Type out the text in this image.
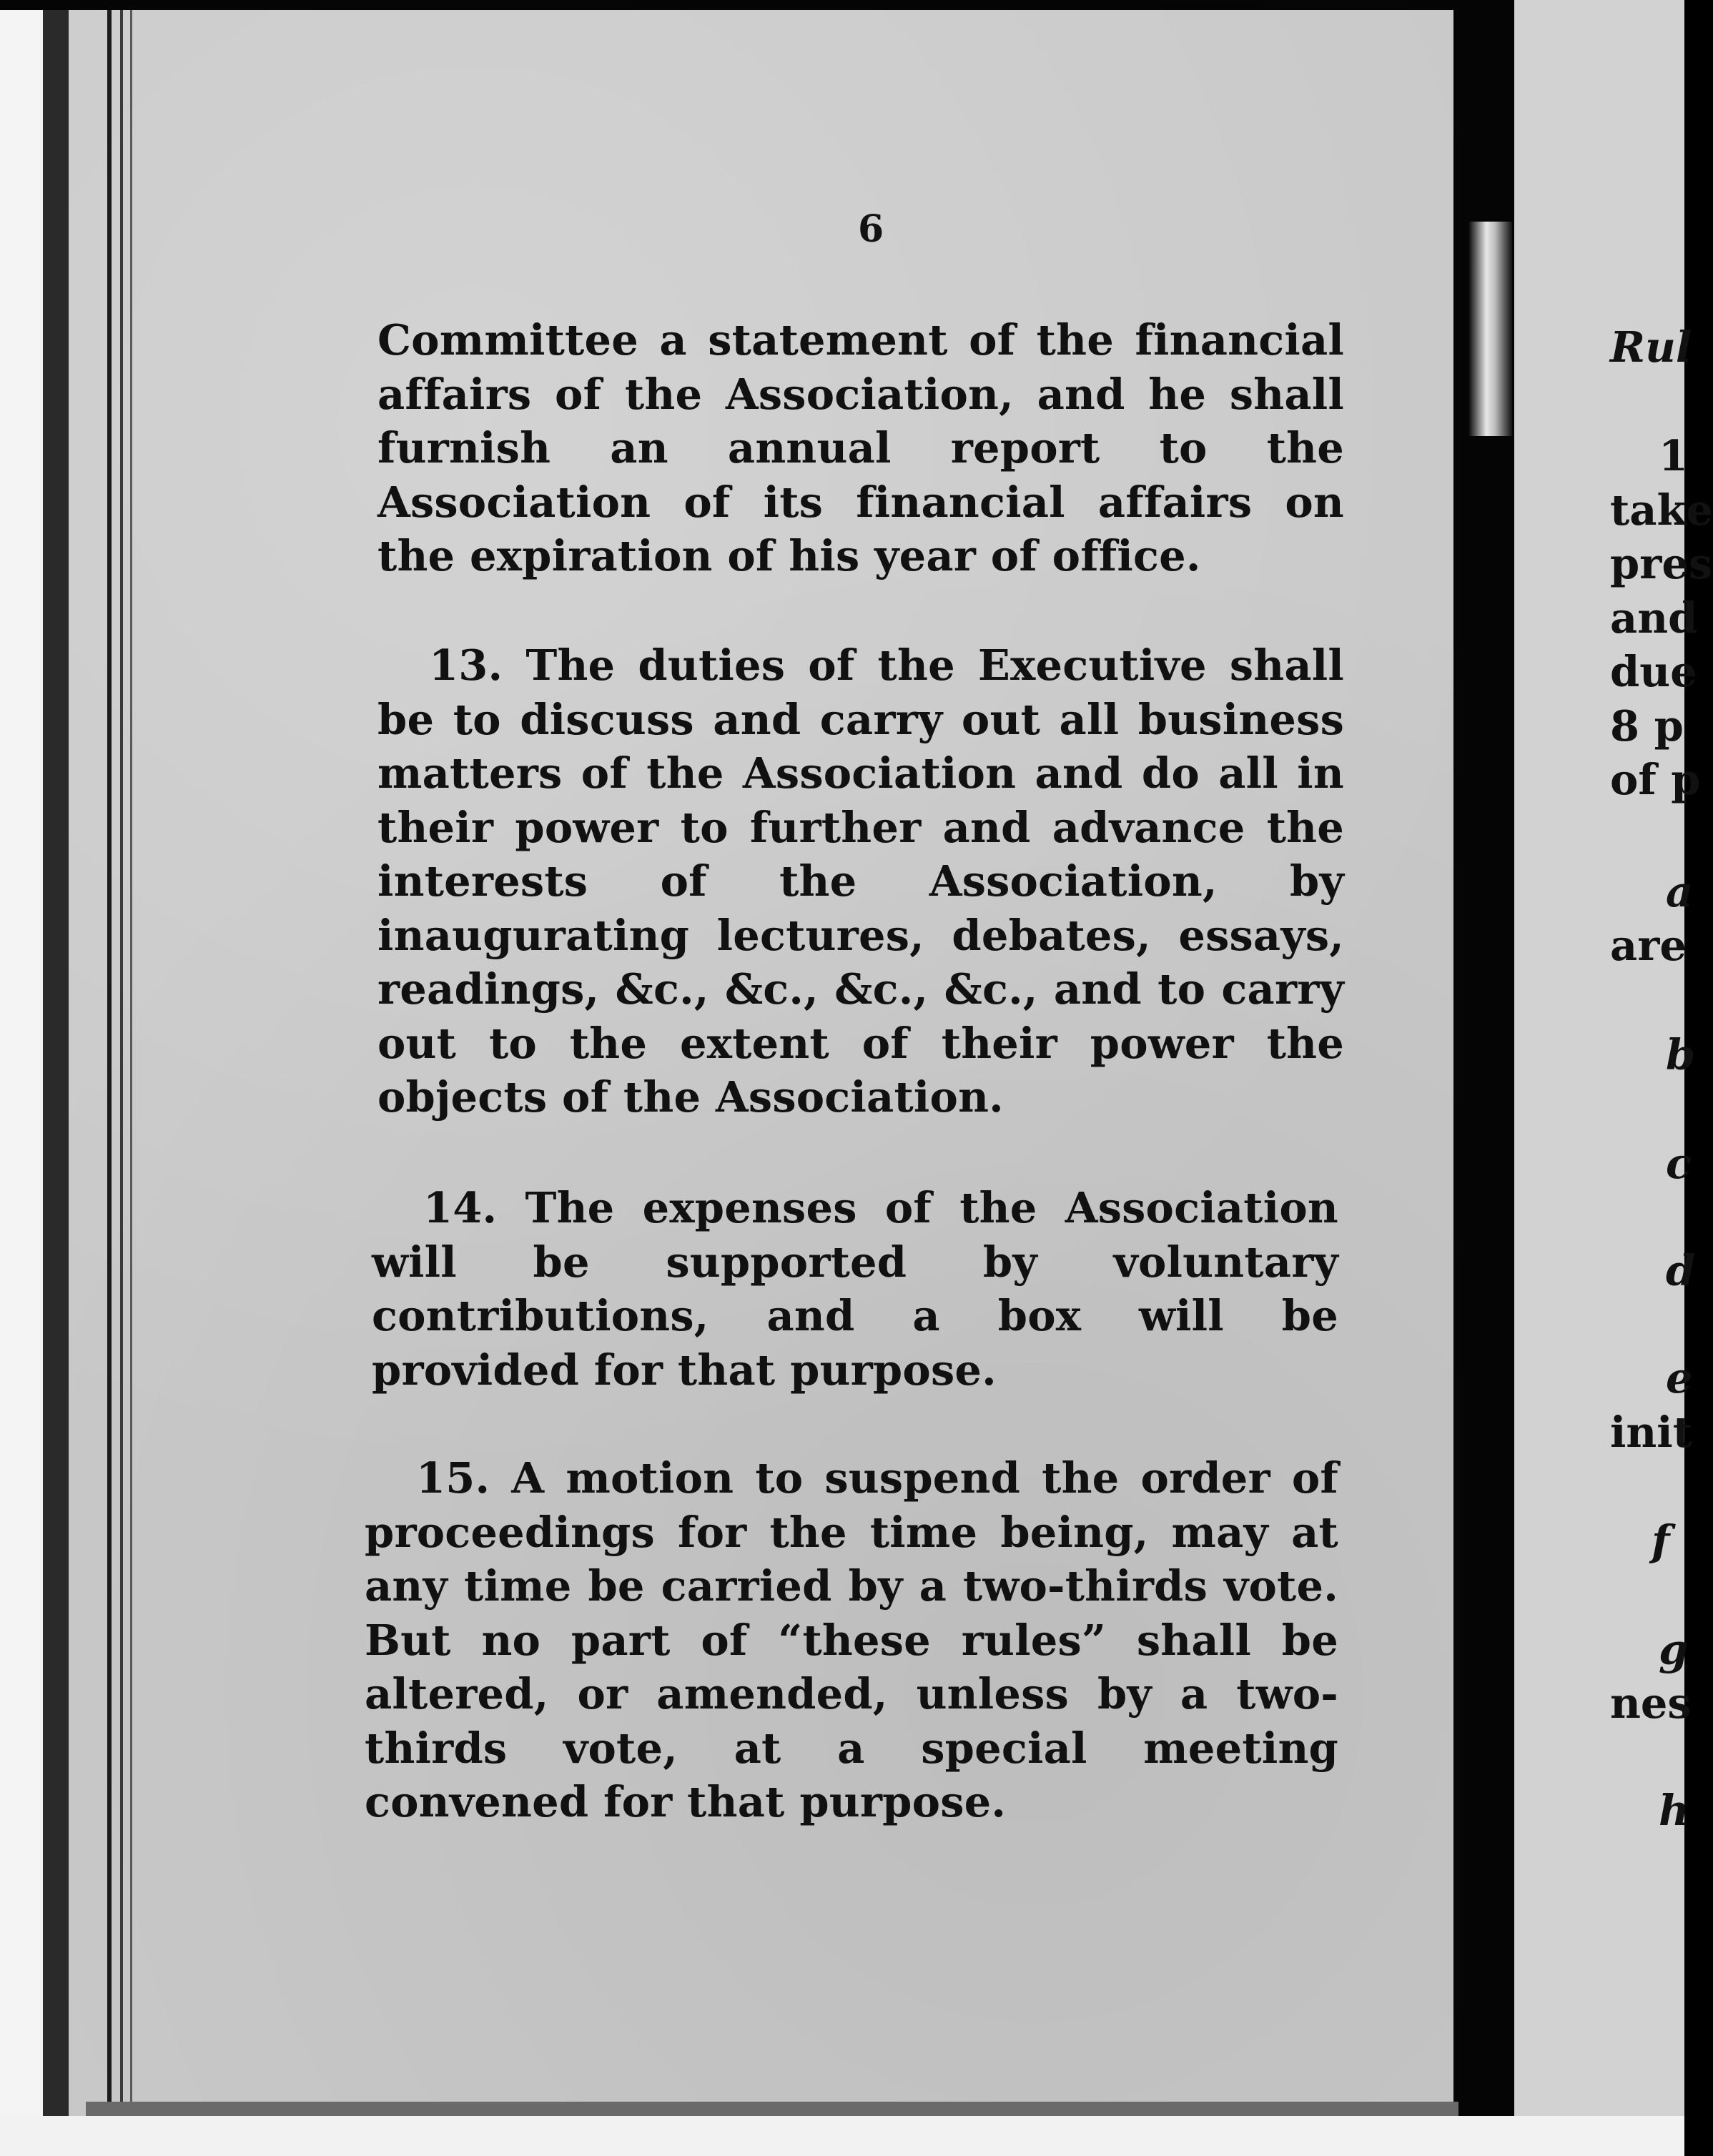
6
Committee a statement of the financial affairs of the Association, and he shall furnish an annual report to the Association of its financial affairs on the expiration of his year of office.
13. The duties of the Executive shall be to discuss and carry out all business matters of the Association and do all in their power to further and advance the interests of the Association, by inaugurating lectures, debates, essays, readings, &c., &c., &c., &c., and to carry out to the extent of their power the objects of the Association.
14. The expenses of the Association will be supported by voluntary contributions, and a box will be provided for that purpose.
15. A motion to suspend the order of proceedings for the time being, may at any time be carried by a two-thirds vote. But no part of “these rules” shall be altered, or amended, unless by a two-thirds vote, at a special meeting convened for that purpose.
Rul
1
take
pres
and
due
8 p
of p
a
are
b
c
d
e
init
f
g
nes
h
